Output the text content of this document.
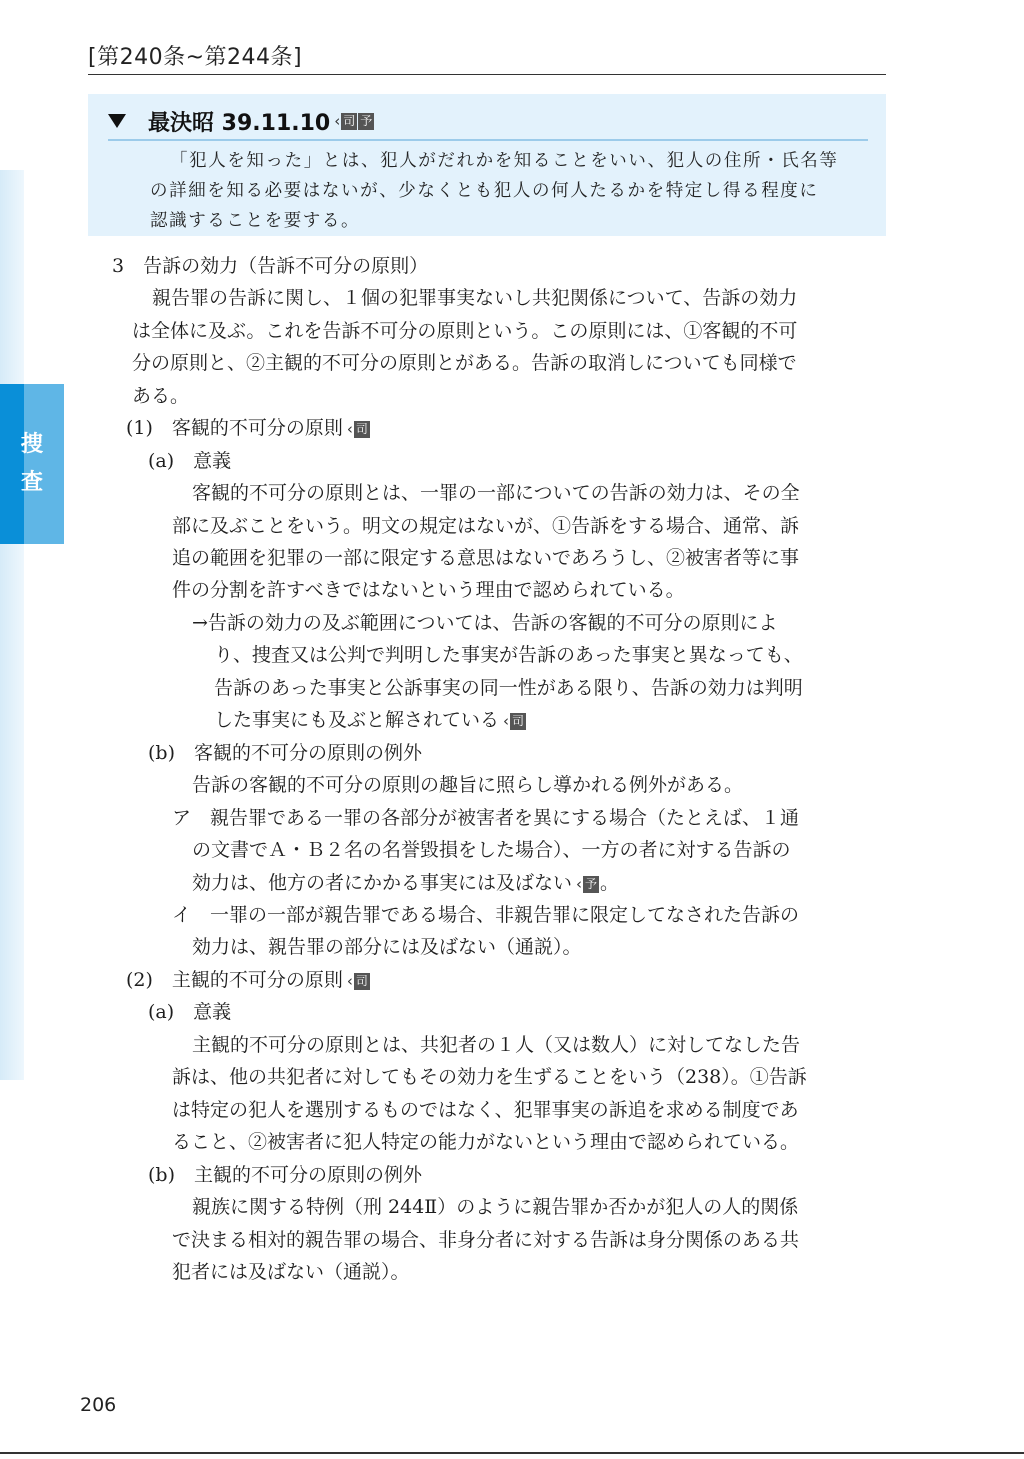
捜
査
[第240条~第244条]
最決昭 39.11.10 ‹ 司 予
「犯人を知った」とは、犯人がだれかを知ることをいい、犯人の住所・氏名等
の詳細を知る必要はないが、少なくとも犯人の何人たるかを特定し得る程度に
認識することを要する。
3　告訴の効力（告訴不可分の原則）
親告罪の告訴に関し、１個の犯罪事実ないし共犯関係について、告訴の効力
は全体に及ぶ。これを告訴不可分の原則という。この原則には、①客観的不可
分の原則と、②主観的不可分の原則とがある。告訴の取消しについても同様で
ある。
(1)　客観的不可分の原則 ‹ 司
(a)　意義
客観的不可分の原則とは、一罪の一部についての告訴の効力は、その全
部に及ぶことをいう。明文の規定はないが、①告訴をする場合、通常、訴
追の範囲を犯罪の一部に限定する意思はないであろうし、②被害者等に事
件の分割を許すべきではないという理由で認められている。
→告訴の効力の及ぶ範囲については、告訴の客観的不可分の原則によ
り、捜査又は公判で判明した事実が告訴のあった事実と異なっても、
告訴のあった事実と公訴事実の同一性がある限り、告訴の効力は判明
した事実にも及ぶと解されている ‹ 司
(b)　客観的不可分の原則の例外
告訴の客観的不可分の原則の趣旨に照らし導かれる例外がある。
ア　親告罪である一罪の各部分が被害者を異にする場合（たとえば、１通
の文書でＡ・Ｂ２名の名誉毀損をした場合）、一方の者に対する告訴の
効力は、他方の者にかかる事実には及ばない ‹ 予 。
イ　一罪の一部が親告罪である場合、非親告罪に限定してなされた告訴の
効力は、親告罪の部分には及ばない（通説）。
(2)　主観的不可分の原則 ‹ 司
(a)　意義
主観的不可分の原則とは、共犯者の１人（又は数人）に対してなした告
訴は、他の共犯者に対してもその効力を生ずることをいう（238）。①告訴
は特定の犯人を選別するものではなく、犯罪事実の訴追を求める制度であ
ること、②被害者に犯人特定の能力がないという理由で認められている。
(b)　主観的不可分の原則の例外
親族に関する特例（刑 244Ⅱ）のように親告罪か否かが犯人の人的関係
で決まる相対的親告罪の場合、非身分者に対する告訴は身分関係のある共
犯者には及ばない（通説）。
206
